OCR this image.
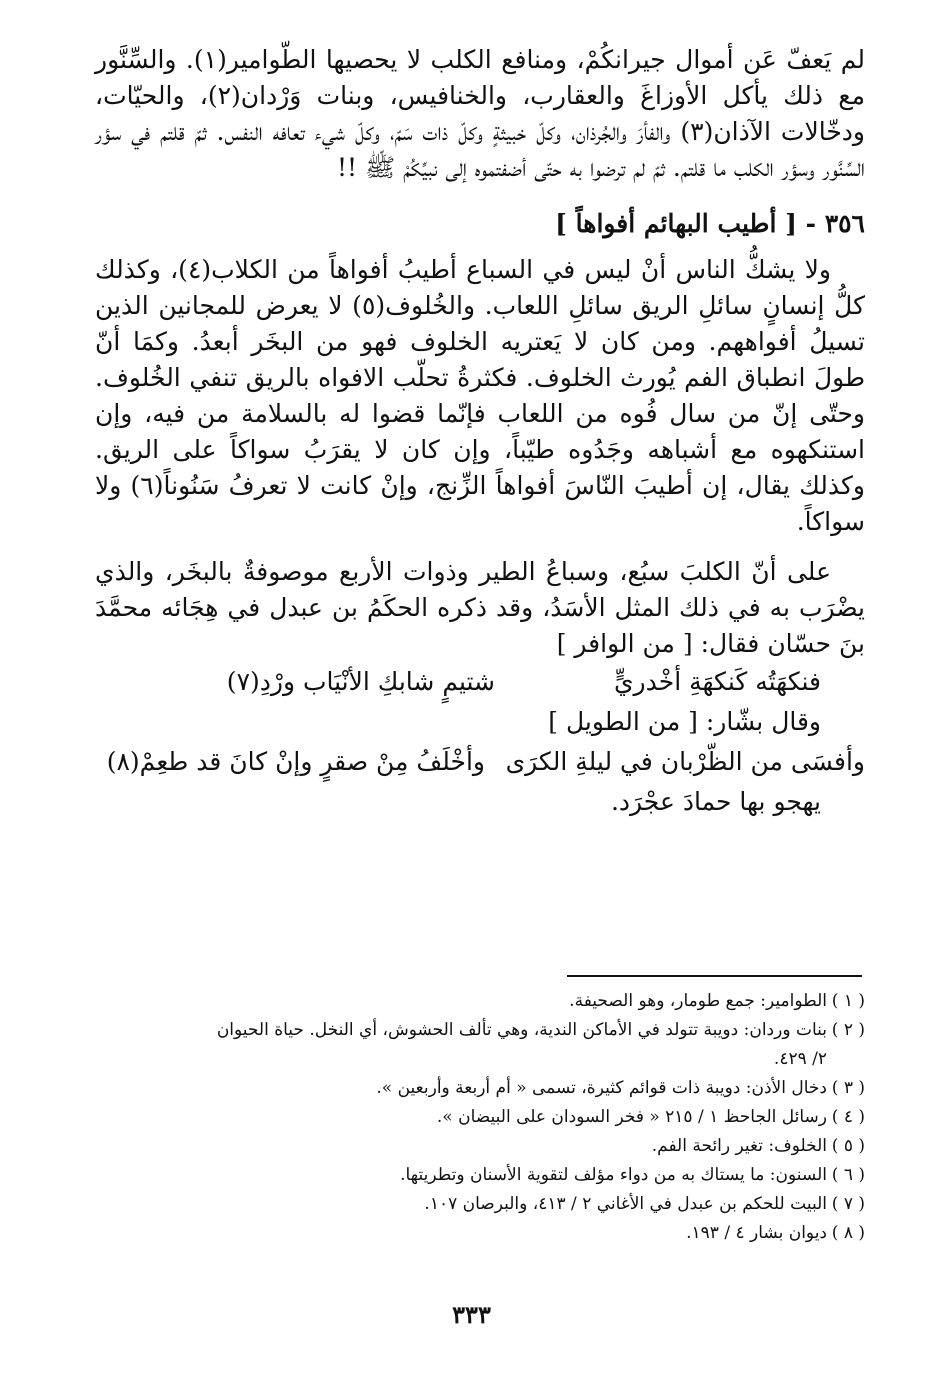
لم يَعفّ عَن أموال جيرانكُمْ، ومنافع الكلب لا يحصيها الطّوامير(١). والسِّنَّور مع ذلك يأكل الأوزاغَ والعقارب، والخنافيس، وبنات وَرْدان(٢)، والحيّات، ودخّالات الآذان(٣) والفأرَ والجُرذان، وكلّ خبيثةٍ وكلّ ذات سَمّ، وكلّ شيء تعافه النفس. ثمّ قلتم في سؤر السِّنَّور وسؤر الكلب ما قلتم. ثمّ لم ترضوا به حتّى أضفتموه إلى نبيِّكُمْ ﷺ !!

٣٥٦ - [ أطيب البهائم أفواهاً ]

ولا يشكُّ الناس أنْ ليس في السباع أطيبُ أفواهاً من الكلاب(٤)، وكذلك كلُّ إنسانٍ سائلِ الريق سائلِ اللعاب. والخُلوف(٥) لا يعرض للمجانين الذين تسيلُ أفواههم. ومن كان لا يَعتريه الخلوف فهو من البخَر أبعدُ. وكمَا أنّ طولَ انطباق الفم يُورث الخلوف. فكثرةُ تحلّب الافواه بالريق تنفي الخُلوف. وحتّى إنّ من سال فُوه من اللعاب فإنّما قضوا له بالسلامة من فيه، وإن استنكهوه مع أشباهه وجَدُوه طيّباً، وإن كان لا يقرَبُ سواكاً على الريق. وكذلك يقال، إن أطيبَ النّاسَ أفواهاً الزِّنج، وإنْ كانت لا تعرفُ سَنُوناً(٦) ولا سواكاً.

على أنّ الكلبَ سبُع، وسباعُ الطير وذوات الأربع موصوفةٌ بالبخَر، والذي يضْرَب به في ذلك المثل الأسَدُ، وقد ذكره الحكَمُ بن عبدل في هِجَائه محمَّدَ بنَ حسّان فقال: [ من الوافر ]

فنكهَتُه كَنكهَةِ أخْدريٍّ
شتيمٍ شابكِ الأنْيَاب ورْدِ(٧)
وقال بشّار: [ من الطويل ]
وأفسَى من الظّرْبان في ليلةِ الكرَى
وأخْلَفُ مِنْ صقرٍ وإنْ كانَ قد طعِمْ(٨)
يهجو بها حمادَ عجْرَد.

( ١ )الطوامير: جمع طومار، وهو الصحيفة.

( ٢ )بنات وردان: دويبة تتولد في الأماكن الندية، وهي تألف الحشوش، أي النخل. حياة الحيوان

٢/ ٤٢٩.

( ٣ )دخال الأذن: دويبة ذات قوائم كثيرة، تسمى « أم أربعة وأربعين ».

( ٤ )رسائل الجاحظ ١ / ٢١٥ « فخر السودان على البيضان ».

( ٥ )الخلوف: تغير رائحة الفم.

( ٦ )السنون: ما يستاك به من دواء مؤلف لتقوية الأسنان وتطريتها.

( ٧ )البيت للحكم بن عبدل في الأغاني ٢ / ٤١٣، والبرصان ١٠٧.

( ٨ )ديوان بشار ٤ / ١٩٣.

٣٣٣
